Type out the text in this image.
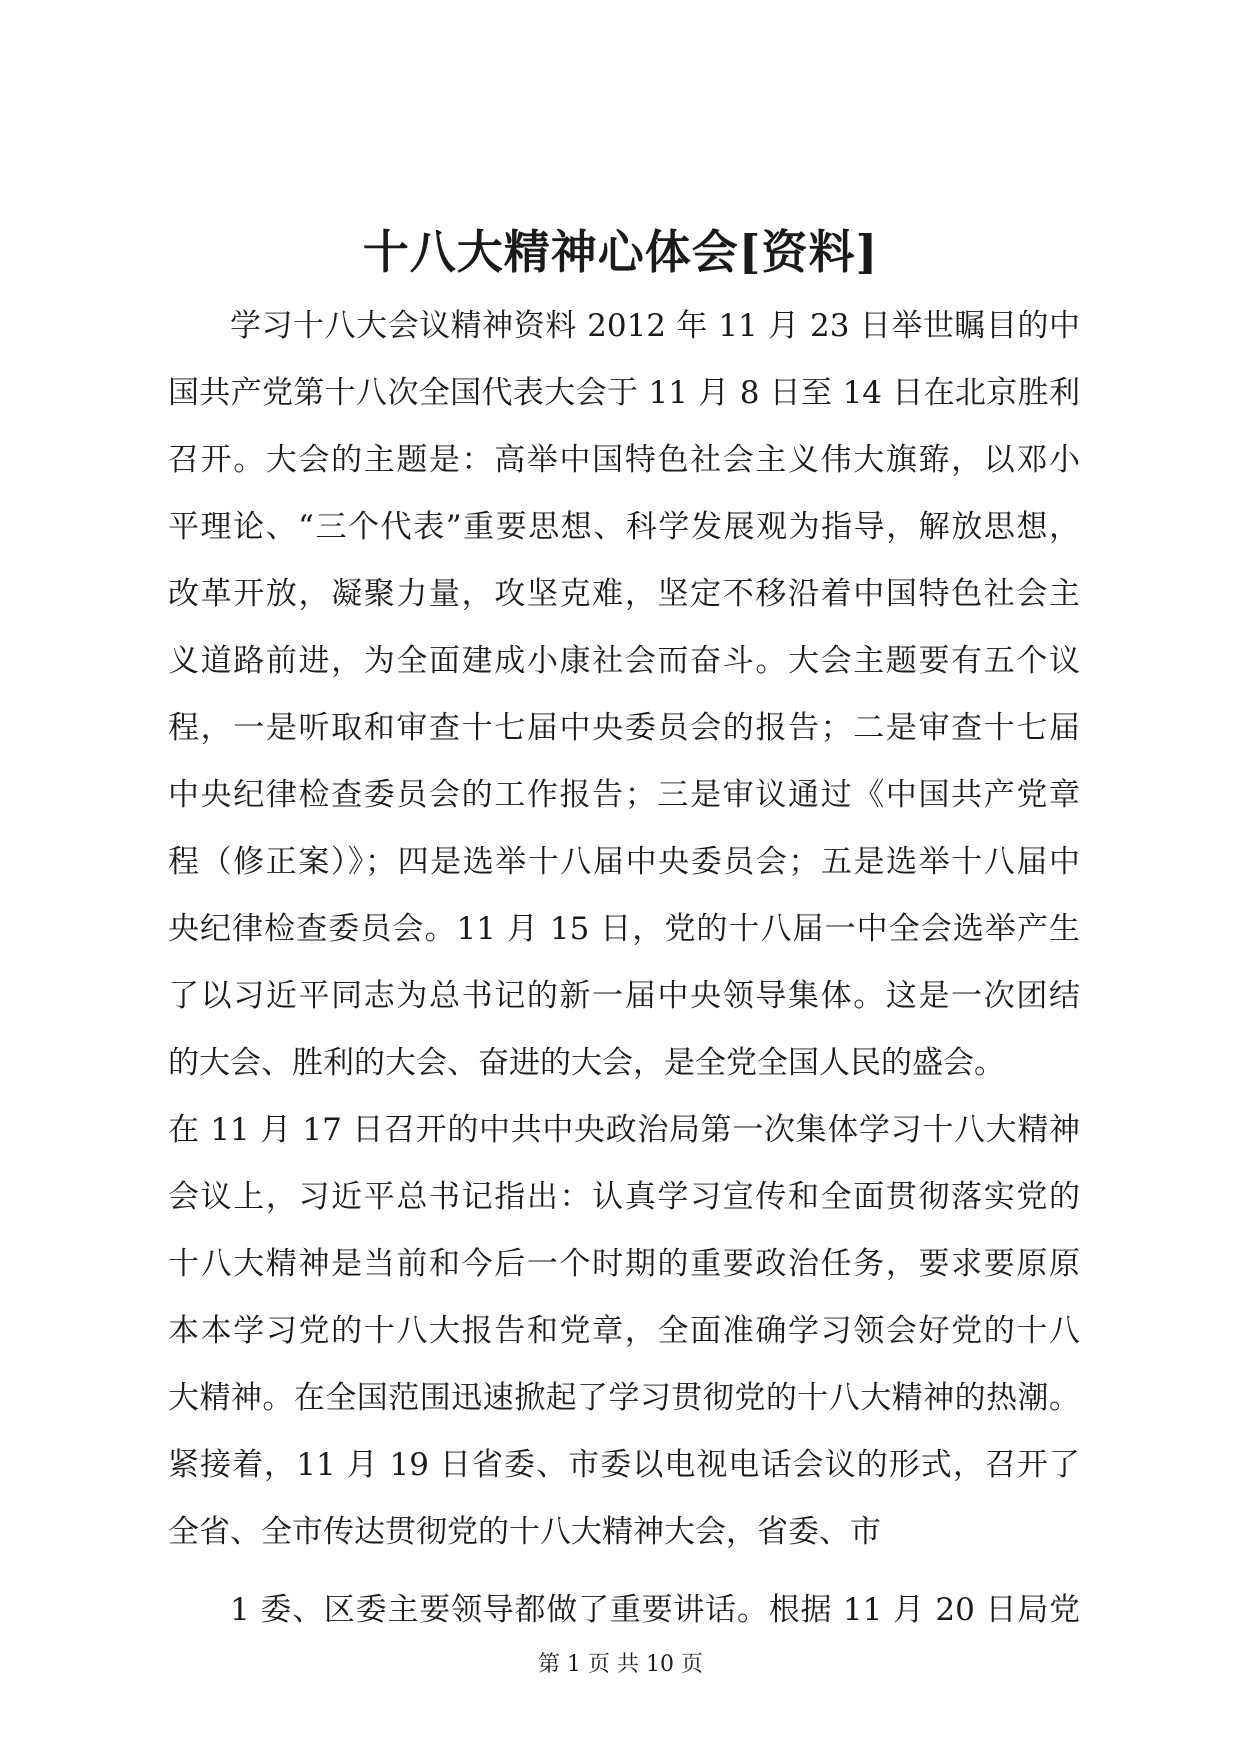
十八大精神心体会[资料]
学习十八大会议精神资料 2012 年 11 月 23 日举世瞩目的中
国共产党第十八次全国代表大会于 11 月 8 日至 14 日在北京胜利
召开。大会的主题是：高举中国特色社会主义伟大旗臶，以邓小
平理论、“三个代表”重要思想、科学发展观为指导，解放思想，
改革开放，凝聚力量，攻坚克难，坚定不移沿着中国特色社会主
义道路前进，为全面建成小康社会而奋斗。大会主题要有五个议
程，一是听取和审查十七届中央委员会的报告；二是审查十七届
中央纪律检查委员会的工作报告；三是审议通过《中国共产党章
程（修正案）》；四是选举十八届中央委员会；五是选举十八届中
央纪律检查委员会。11 月 15 日，党的十八届一中全会选举产生
了以习近平同志为总书记的新一届中央领导集体。这是一次团结
的大会、胜利的大会、奋进的大会，是全党全国人民的盛会。
在 11 月 17 日召开的中共中央政治局第一次集体学习十八大精神
会议上，习近平总书记指出：认真学习宣传和全面贯彻落实党的
十八大精神是当前和今后一个时期的重要政治任务，要求要原原
本本学习党的十八大报告和党章，全面准确学习领会好党的十八
大精神。在全国范围迅速掀起了学习贯彻党的十八大精神的热潮。
紧接着，11 月 19 日省委、市委以电视电话会议的形式，召开了
全省、全市传达贯彻党的十八大精神大会，省委、市
1 委、区委主要领导都做了重要讲话。根据 11 月 20 日局党
第 1 页 共 10 页
